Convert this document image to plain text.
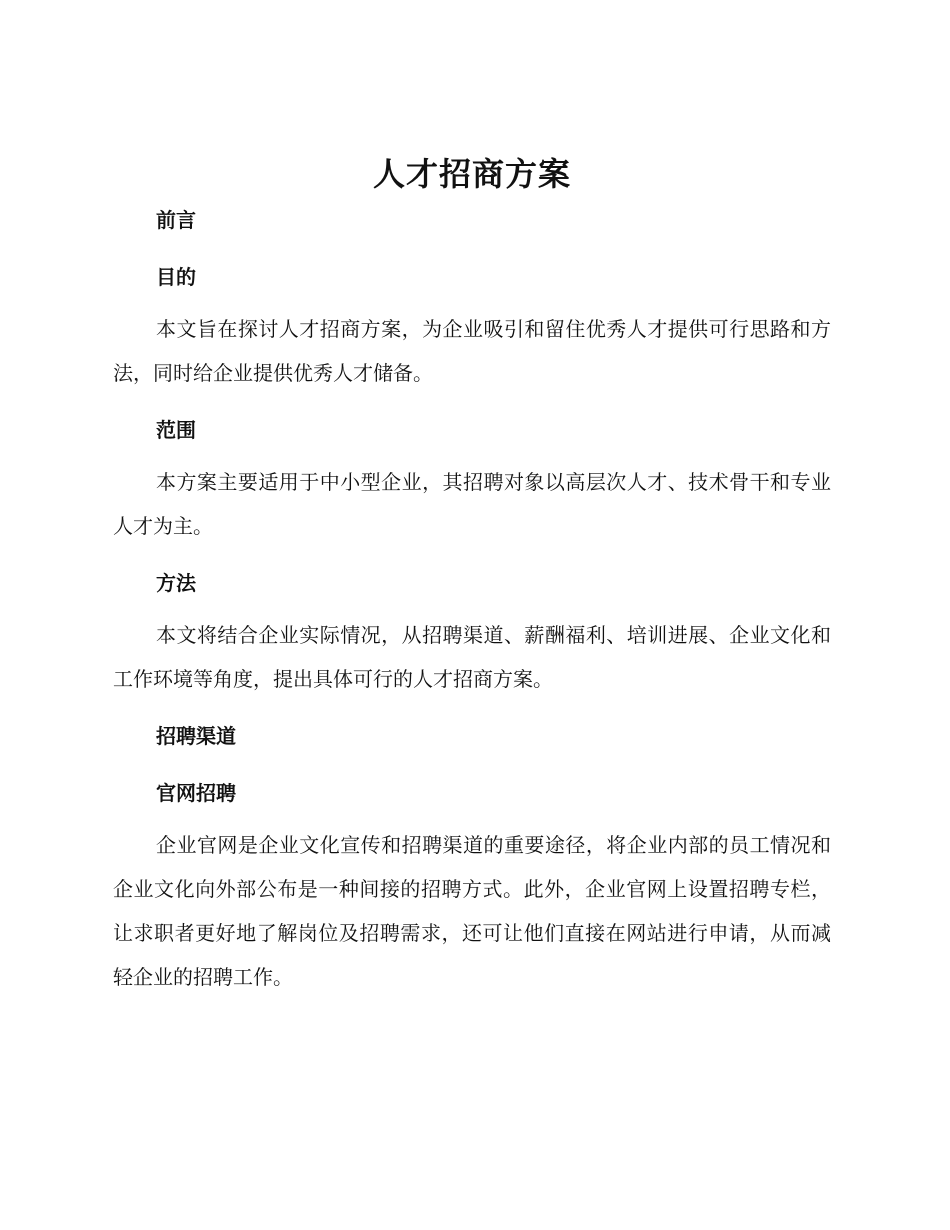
人才招商方案
前言
目的

本文旨在探讨人才招商方案，为企业吸引和留住优秀人才提供可行思路和方法，同时给企业提供优秀人才储备。

范围

本方案主要适用于中小型企业，其招聘对象以高层次人才、技术骨干和专业人才为主。

方法

本文将结合企业实际情况，从招聘渠道、薪酬福利、培训进展、企业文化和工作环境等角度，提出具体可行的人才招商方案。

招聘渠道
官网招聘

企业官网是企业文化宣传和招聘渠道的重要途径，将企业内部的员工情况和企业文化向外部公布是一种间接的招聘方式。此外，企业官网上设置招聘专栏，让求职者更好地了解岗位及招聘需求，还可让他们直接在网站进行申请，从而减轻企业的招聘工作。
